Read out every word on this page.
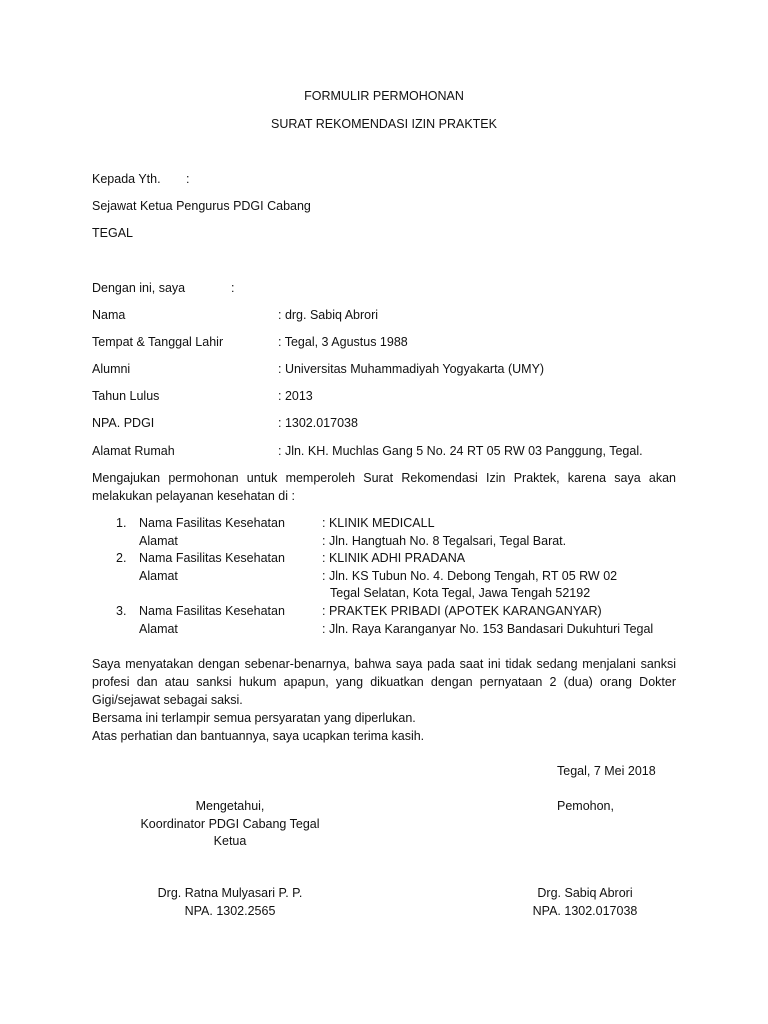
FORMULIR PERMOHONAN
SURAT REKOMENDASI IZIN PRAKTEK
Kepada Yth. :
Sejawat Ketua Pengurus PDGI Cabang
TEGAL
Dengan ini, saya	:
Nama	: drg. Sabiq Abrori
Tempat & Tanggal Lahir	: Tegal, 3 Agustus 1988
Alumni	: Universitas Muhammadiyah Yogyakarta (UMY)
Tahun Lulus	: 2013
NPA. PDGI	: 1302.017038
Alamat Rumah	: Jln. KH. Muchlas Gang 5 No. 24 RT 05 RW 03 Panggung, Tegal.
Mengajukan permohonan untuk memperoleh Surat Rekomendasi Izin Praktek, karena saya akan melakukan pelayanan kesehatan di :
1. Nama Fasilitas Kesehatan	: KLINIK MEDICALL
Alamat	: Jln. Hangtuah No. 8 Tegalsari, Tegal Barat.
2. Nama Fasilitas Kesehatan	: KLINIK ADHI PRADANA
Alamat	: Jln. KS Tubun No. 4. Debong Tengah, RT 05 RW 02
Tegal Selatan, Kota Tegal, Jawa Tengah 52192
3. Nama Fasilitas Kesehatan	: PRAKTEK PRIBADI (APOTEK KARANGANYAR)
Alamat	: Jln. Raya Karanganyar No. 153 Bandasari Dukuhturi Tegal
Saya menyatakan dengan sebenar-benarnya, bahwa saya pada saat ini tidak sedang menjalani sanksi profesi dan atau sanksi hukum apapun, yang dikuatkan dengan pernyataan 2 (dua) orang Dokter Gigi/sejawat sebagai saksi.
Bersama ini terlampir semua persyaratan yang diperlukan.
Atas perhatian dan bantuannya, saya ucapkan terima kasih.
Tegal, 7 Mei 2018
Mengetahui,
Koordinator PDGI Cabang Tegal
Ketua
Drg. Ratna Mulyasari P. P.
NPA. 1302.2565
Pemohon,
Drg. Sabiq Abrori
NPA. 1302.017038
